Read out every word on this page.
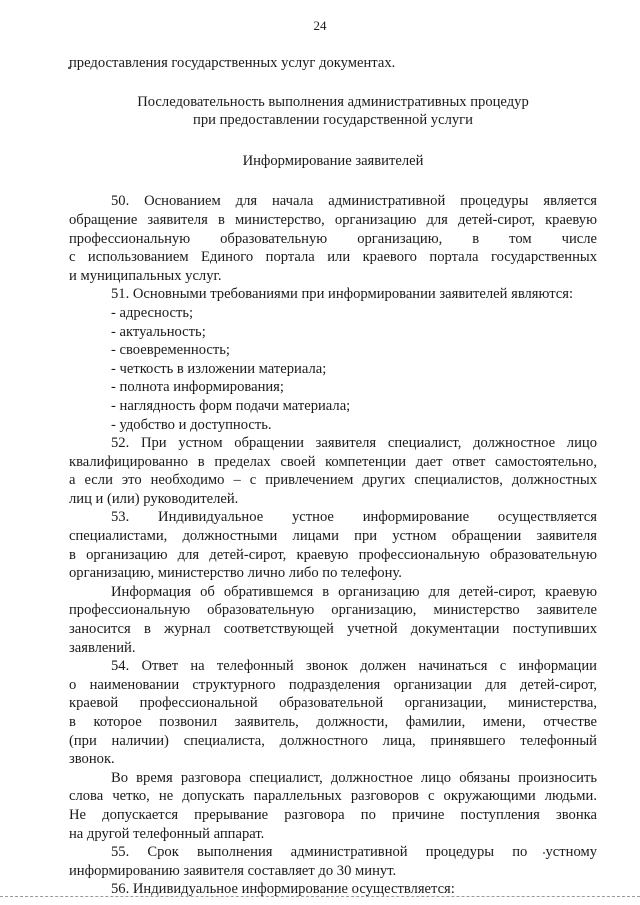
24
предоставления государственных услуг документах.
Последовательность выполнения административных процедур
при предоставлении государственной услуги
Информирование заявителей
50. Основанием для начала административной процедуры является
обращение заявителя в министерство, организацию для детей-сирот, краевую
профессиональную образовательную организацию, в том числе
с использованием Единого портала или краевого портала государственных
и муниципальных услуг.
51. Основными требованиями при информировании заявителей являются:
- адресность;
- актуальность;
- своевременность;
- четкость в изложении материала;
- полнота информирования;
- наглядность форм подачи материала;
- удобство и доступность.
52. При устном обращении заявителя специалист, должностное лицо
квалифицированно в пределах своей компетенции дает ответ самостоятельно,
а если это необходимо – с привлечением других специалистов, должностных
лиц и (или) руководителей.
53. Индивидуальное устное информирование осуществляется
специалистами, должностными лицами при устном обращении заявителя
в организацию для детей-сирот, краевую профессиональную образовательную
организацию, министерство лично либо по телефону.
Информация об обратившемся в организацию для детей-сирот, краевую
профессиональную образовательную организацию, министерство заявителе
заносится в журнал соответствующей учетной документации поступивших
заявлений.
54. Ответ на телефонный звонок должен начинаться с информации
о наименовании структурного подразделения организации для детей-сирот,
краевой профессиональной образовательной организации, министерства,
в которое позвонил заявитель, должности, фамилии, имени, отчестве
(при наличии) специалиста, должностного лица, принявшего телефонный
звонок.
Во время разговора специалист, должностное лицо обязаны произносить
слова четко, не допускать параллельных разговоров с окружающими людьми.
Не допускается прерывание разговора по причине поступления звонка
на другой телефонный аппарат.
55. Срок выполнения административной процедуры по устному
информированию заявителя составляет до 30 минут.
56. Индивидуальное информирование осуществляется:
